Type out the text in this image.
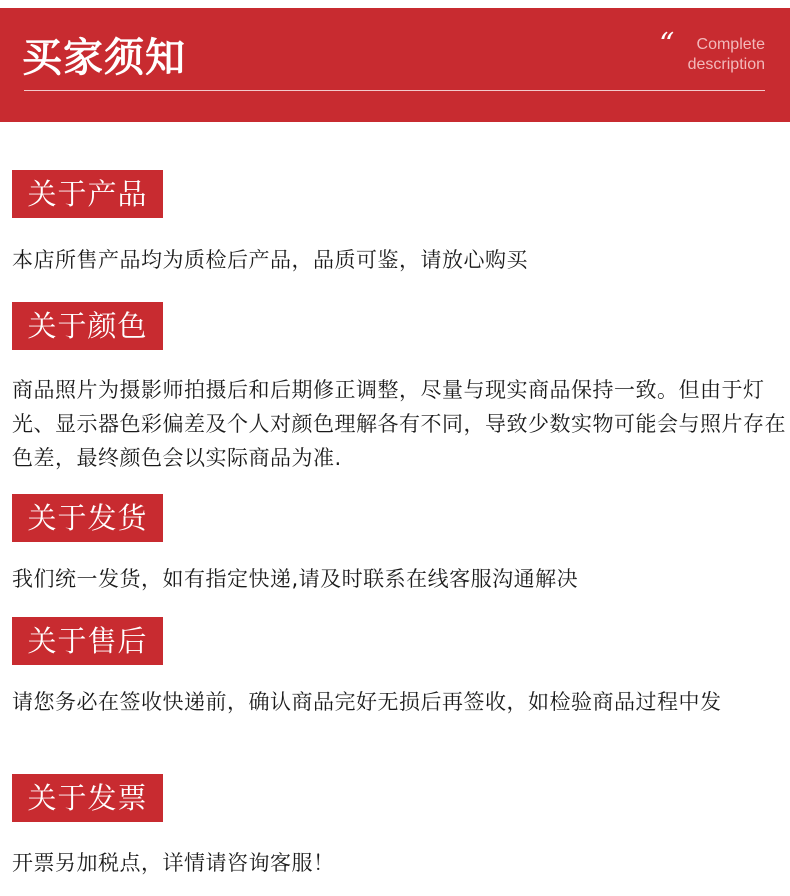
买家须知	“	Complete
description
关于产品

本店所售产品均为质检后产品，品质可鉴，请放心购买

关于颜色

商品照片为摄影师拍摄后和后期修正调整，尽量与现实商品保持一致。但由于灯光、显示器色彩偏差及个人对颜色理解各有不同，导致少数实物可能会与照片存在色差，最终颜色会以实际商品为准.

关于发货

我们统一发货，如有指定快递,请及时联系在线客服沟通解决

关于售后

请您务必在签收快递前，确认商品完好无损后再签收，如检验商品过程中发

关于发票

开票另加税点，详情请咨询客服！
